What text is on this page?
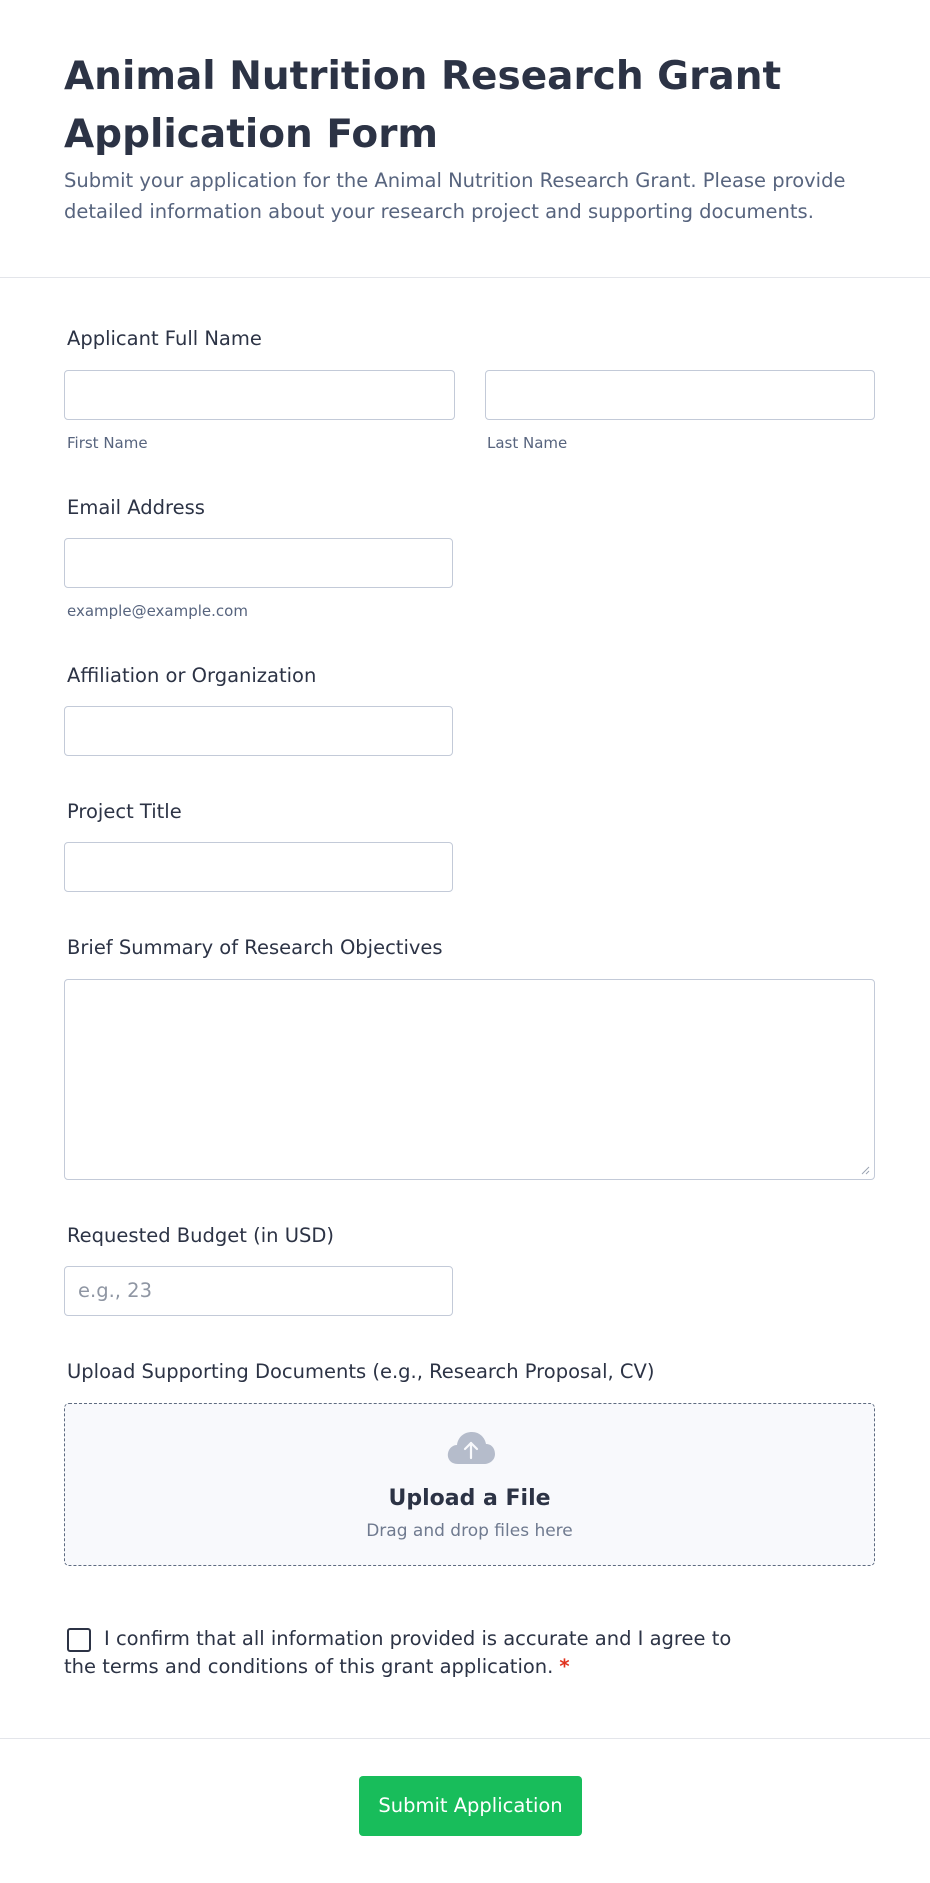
Animal Nutrition Research Grant Application Form

Submit your application for the Animal Nutrition Research Grant. Please provide detailed information about your research project and supporting documents.

Applicant Full Name
First Name	Last Name
Email Address
example@example.com
Affiliation or Organization
Project Title
Brief Summary of Research Objectives
Requested Budget (in USD)
e.g., 23
Upload Supporting Documents (e.g., Research Proposal, CV)
Upload a File
Drag and drop files here
I confirm that all information provided is accurate and I agree to the terms and conditions of this grant application. *
Submit Application
